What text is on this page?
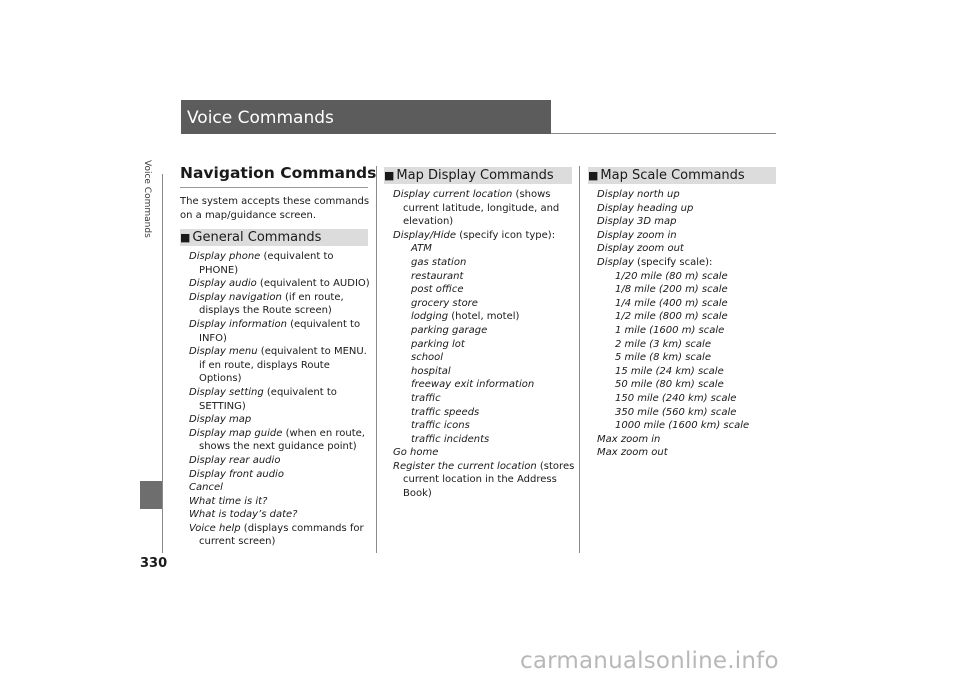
Voice Commands
Voice Commands
330
Navigation Commands
The system accepts these commands on a map/guidance screen.
■ General Commands
Display phone (equivalent to PHONE)
Display audio (equivalent to AUDIO)
Display navigation (if en route, displays the Route screen)
Display information (equivalent to INFO)
Display menu (equivalent to MENU. if en route, displays Route Options)
Display setting (equivalent to SETTING)
Display map
Display map guide (when en route, shows the next guidance point)
Display rear audio
Display front audio
Cancel
What time is it?
What is today’s date?
Voice help (displays commands for current screen)
■ Map Display Commands
Display current location (shows current latitude, longitude, and elevation)
Display/Hide (specify icon type):
ATM
gas station
restaurant
post office
grocery store
lodging (hotel, motel)
parking garage
parking lot
school
hospital
freeway exit information
traffic
traffic speeds
traffic icons
traffic incidents
Go home
Register the current location (stores current location in the Address Book)
■ Map Scale Commands
Display north up
Display heading up
Display 3D map
Display zoom in
Display zoom out
Display (specify scale):
1/20 mile (80 m) scale
1/8 mile (200 m) scale
1/4 mile (400 m) scale
1/2 mile (800 m) scale
1 mile (1600 m) scale
2 mile (3 km) scale
5 mile (8 km) scale
15 mile (24 km) scale
50 mile (80 km) scale
150 mile (240 km) scale
350 mile (560 km) scale
1000 mile (1600 km) scale
Max zoom in
Max zoom out
carmanualsonline.info
